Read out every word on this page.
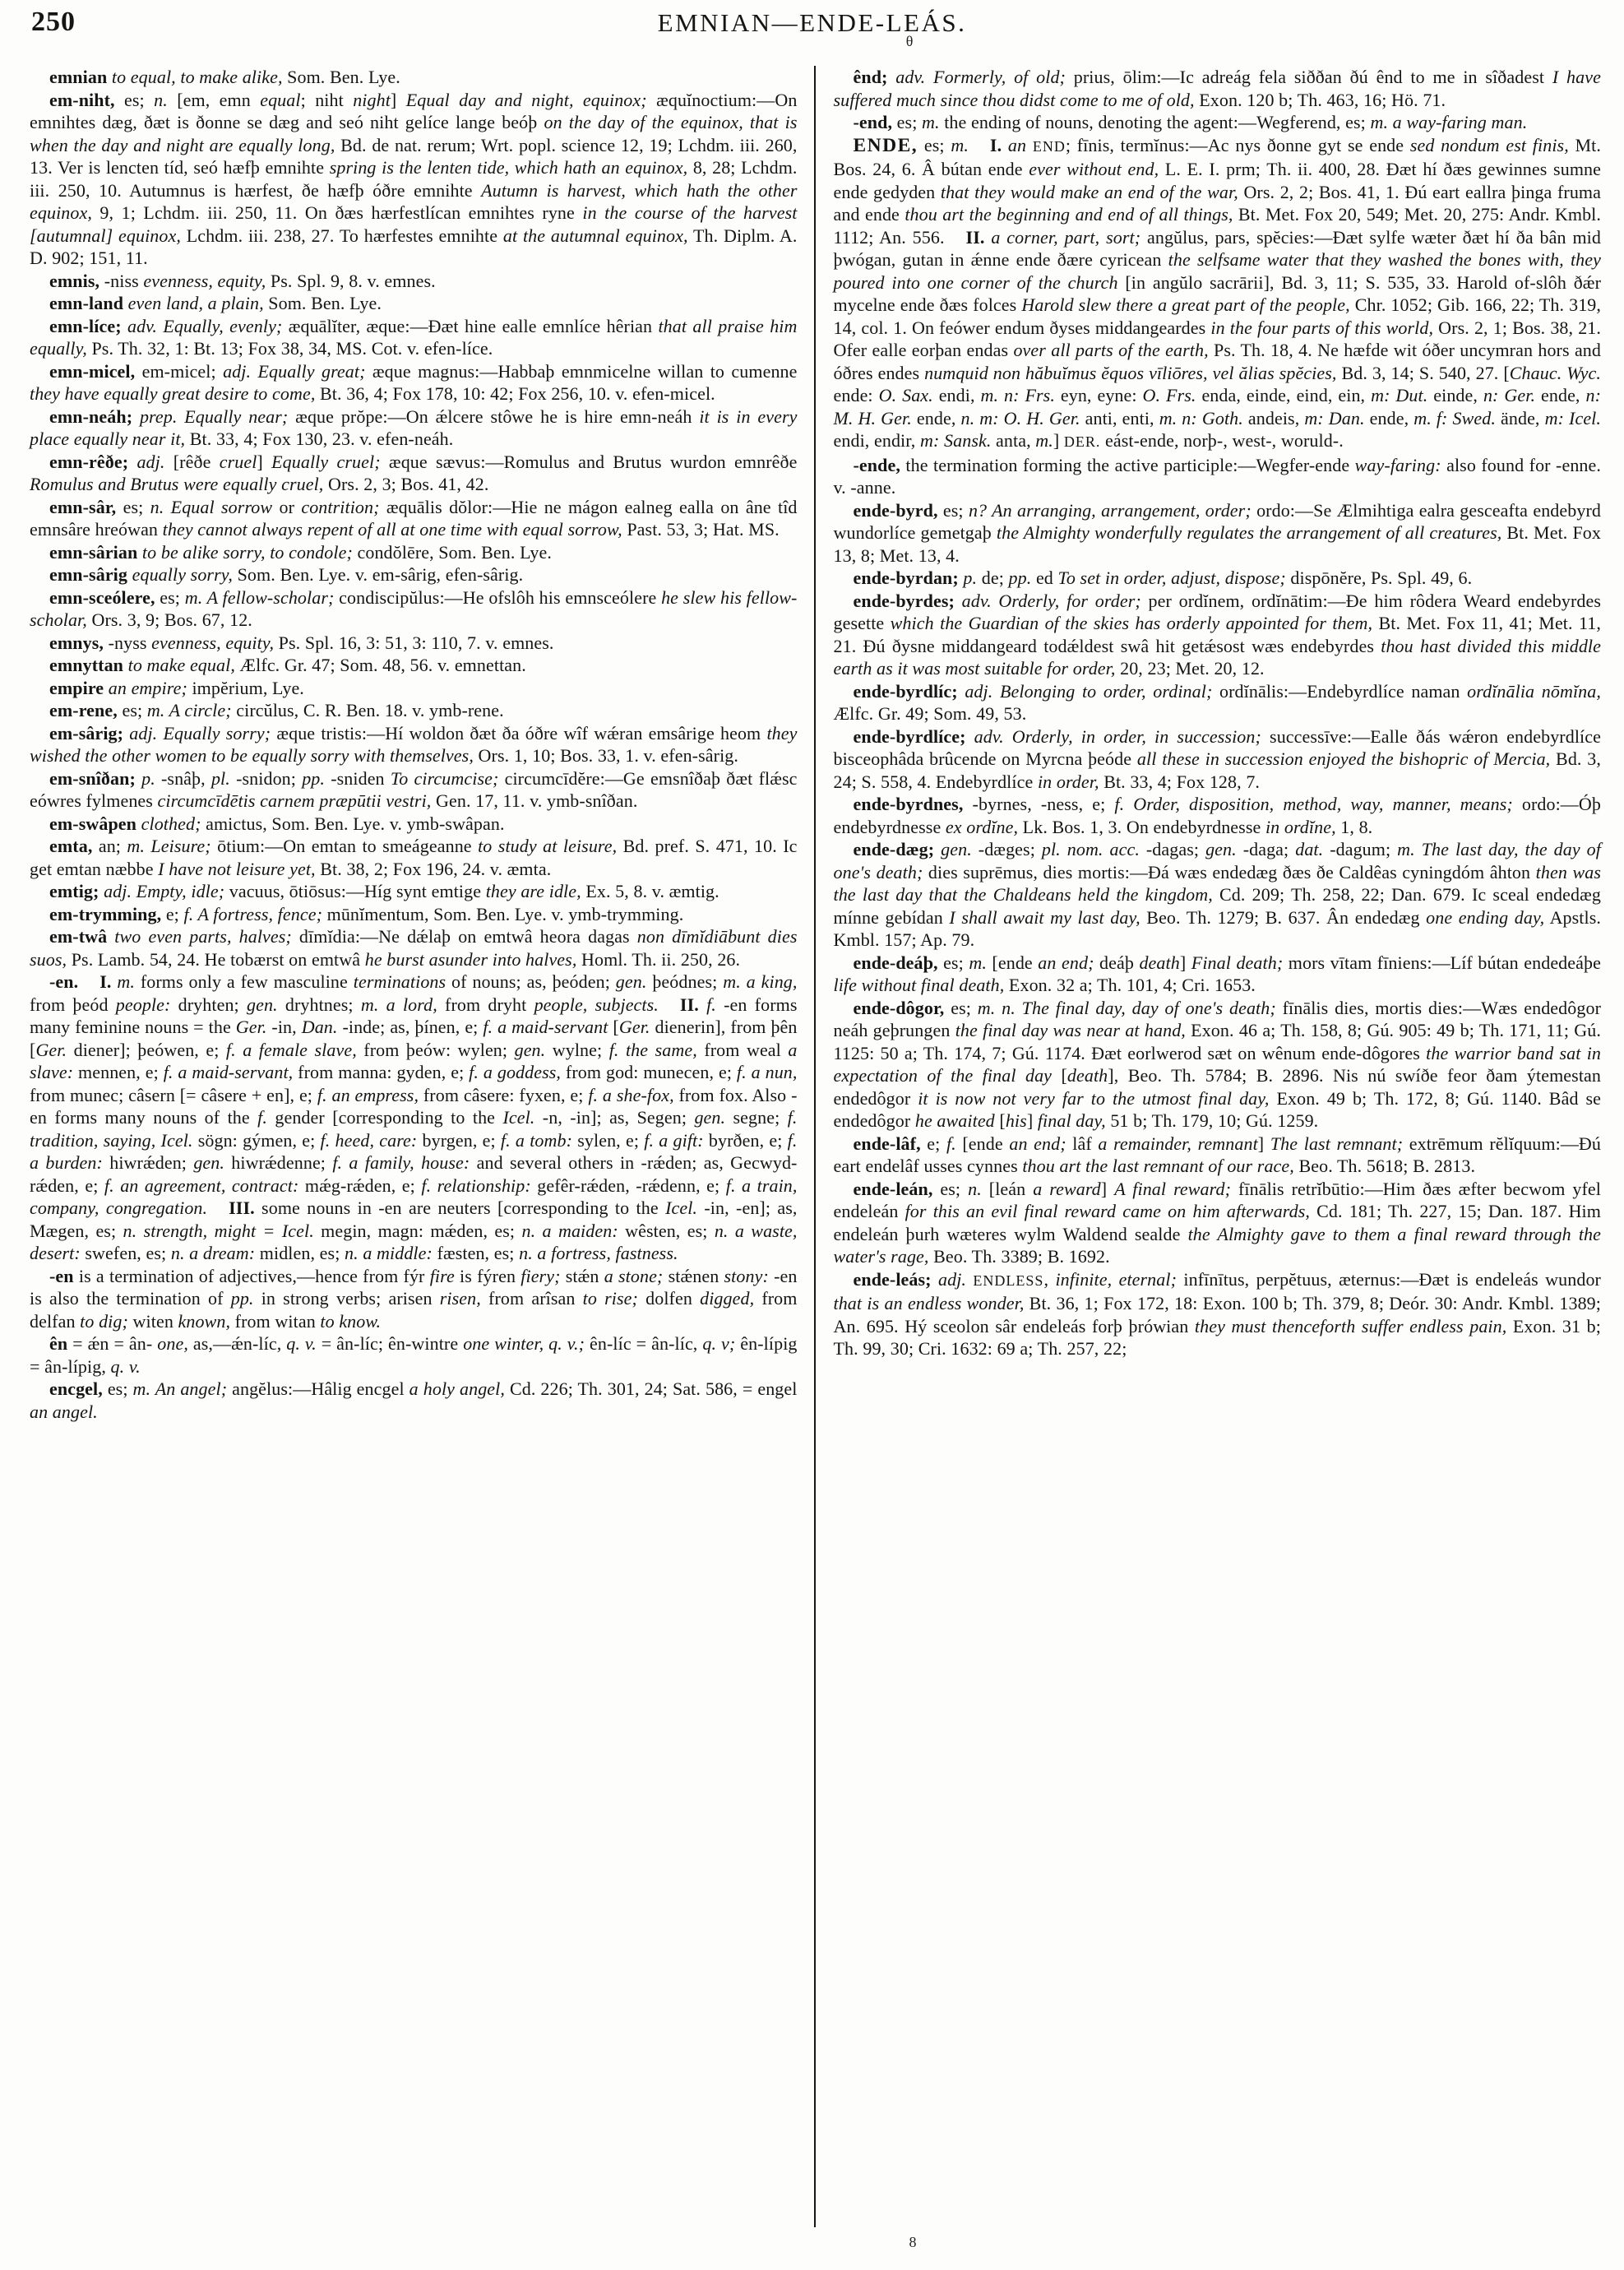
250	EMNIAN—ENDE-LEÁS.
θ

emnian to equal, to make alike, Som. Ben. Lye.

em-niht, es; n. [em, emn equal; niht night] Equal day and night, equinox; æquĭnoctium:—On emnihtes dæg, ðæt is ðonne se dæg and seó niht gelíce lange beóþ on the day of the equinox, that is when the day and night are equally long, Bd. de nat. rerum; Wrt. popl. science 12, 19; Lchdm. iii. 260, 13. Ver is lencten tíd, seó hæfþ emnihte spring is the lenten tide, which hath an equinox, 8, 28; Lchdm. iii. 250, 10. Autumnus is hærfest, ðe hæfþ óðre emnihte Autumn is harvest, which hath the other equinox, 9, 1; Lchdm. iii. 250, 11. On ðæs hærfestlícan emnihtes ryne in the course of the harvest [autumnal] equinox, Lchdm. iii. 238, 27. To hærfestes emnihte at the autumnal equinox, Th. Diplm. A. D. 902; 151, 11.

emnis, -niss evenness, equity, Ps. Spl. 9, 8. v. emnes.

emn-land even land, a plain, Som. Ben. Lye.

emn-líce; adv. Equally, evenly; æquālĭter, æque:—Ðæt hine ealle emnlíce hêrian that all praise him equally, Ps. Th. 32, 1: Bt. 13; Fox 38, 34, MS. Cot. v. efen-líce.

emn-micel, em-micel; adj. Equally great; æque magnus:—Habbaþ emnmicelne willan to cumenne they have equally great desire to come, Bt. 36, 4; Fox 178, 10: 42; Fox 256, 10. v. efen-micel.

emn-neáh; prep. Equally near; æque prŏpe:—On ǽlcere stôwe he is hire emn-neáh it is in every place equally near it, Bt. 33, 4; Fox 130, 23. v. efen-neáh.

emn-rêðe; adj. [rêðe cruel] Equally cruel; æque sævus:—Romulus and Brutus wurdon emnrêðe Romulus and Brutus were equally cruel, Ors. 2, 3; Bos. 41, 42.

emn-sâr, es; n. Equal sorrow or contrition; æquālis dŏlor:—Hie ne mágon ealneg ealla on âne tîd emnsâre hreówan they cannot always repent of all at one time with equal sorrow, Past. 53, 3; Hat. MS.

emn-sârian to be alike sorry, to condole; condŏlēre, Som. Ben. Lye.

emn-sârig equally sorry, Som. Ben. Lye. v. em-sârig, efen-sârig.

emn-sceólere, es; m. A fellow-scholar; condiscipŭlus:—He ofslôh his emnsceólere he slew his fellow-scholar, Ors. 3, 9; Bos. 67, 12.

emnys, -nyss evenness, equity, Ps. Spl. 16, 3: 51, 3: 110, 7. v. emnes.

emnyttan to make equal, Ælfc. Gr. 47; Som. 48, 56. v. emnettan.

empire an empire; impĕrium, Lye.

em-rene, es; m. A circle; circŭlus, C. R. Ben. 18. v. ymb-rene.

em-sârig; adj. Equally sorry; æque tristis:—Hí woldon ðæt ða óðre wîf wǽran emsârige heom they wished the other women to be equally sorry with themselves, Ors. 1, 10; Bos. 33, 1. v. efen-sârig.

em-snîðan; p. -snâþ, pl. -snidon; pp. -sniden To circumcise; circumcīdĕre:—Ge emsnîðaþ ðæt flǽsc eówres fylmenes circumcīdētis carnem præpūtii vestri, Gen. 17, 11. v. ymb-snîðan.

em-swâpen clothed; amictus, Som. Ben. Lye. v. ymb-swâpan.

emta, an; m. Leisure; ōtium:—On emtan to smeágeanne to study at leisure, Bd. pref. S. 471, 10. Ic get emtan næbbe I have not leisure yet, Bt. 38, 2; Fox 196, 24. v. æmta.

emtig; adj. Empty, idle; vacuus, ōtiōsus:—Híg synt emtige they are idle, Ex. 5, 8. v. æmtig.

em-trymming, e; f. A fortress, fence; mūnĭmentum, Som. Ben. Lye. v. ymb-trymming.

em-twâ two even parts, halves; dīmĭdia:—Ne dǽlaþ on emtwâ heora dagas non dīmĭdiābunt dies suos, Ps. Lamb. 54, 24. He tobærst on emtwâ he burst asunder into halves, Homl. Th. ii. 250, 26.

-en. I. m. forms only a few masculine terminations of nouns; as, þeóden; gen. þeódnes; m. a king, from þeód people: dryhten; gen. dryhtnes; m. a lord, from dryht people, subjects. II. f. -en forms many feminine nouns = the Ger. -in, Dan. -inde; as, þínen, e; f. a maid-servant [Ger. dienerin], from þên [Ger. diener]; þeówen, e; f. a female slave, from þeów: wylen; gen. wylne; f. the same, from weal a slave: mennen, e; f. a maid-servant, from manna: gyden, e; f. a goddess, from god: munecen, e; f. a nun, from munec; câsern [= câsere + en], e; f. an empress, from câsere: fyxen, e; f. a she-fox, from fox. Also -en forms many nouns of the f. gender [corresponding to the Icel. -n, -in]; as, Segen; gen. segne; f. tradition, saying, Icel. sögn: gýmen, e; f. heed, care: byrgen, e; f. a tomb: sylen, e; f. a gift: byrðen, e; f. a burden: hiwrǽden; gen. hiwrǽdenne; f. a family, house: and several others in -rǽden; as, Gecwyd-rǽden, e; f. an agreement, contract: mǽg-rǽden, e; f. relationship: gefêr-rǽden, -rǽdenn, e; f. a train, company, congregation. III. some nouns in -en are neuters [corresponding to the Icel. -in, -en]; as, Mægen, es; n. strength, might = Icel. megin, magn: mǽden, es; n. a maiden: wêsten, es; n. a waste, desert: swefen, es; n. a dream: midlen, es; n. a middle: fæsten, es; n. a fortress, fastness.

-en is a termination of adjectives,—hence from fýr fire is fýren fiery; stǽn a stone; stǽnen stony: -en is also the termination of pp. in strong verbs; arisen risen, from arîsan to rise; dolfen digged, from delfan to dig; witen known, from witan to know.

ên = ǽn = ân- one, as,—ǽn-líc, q. v. = ân-líc; ên-wintre one winter, q. v.; ên-líc = ân-líc, q. v; ên-lípig = ân-lípig, q. v.

encgel, es; m. An angel; angĕlus:—Hâlig encgel a holy angel, Cd. 226; Th. 301, 24; Sat. 586, = engel an angel.

ênd; adv. Formerly, of old; prius, ōlim:—Ic adreág fela siððan ðú ênd to me in sîðadest I have suffered much since thou didst come to me of old, Exon. 120 b; Th. 463, 16; Hö. 71.

-end, es; m. the ending of nouns, denoting the agent:—Wegferend, es; m. a way-faring man.

ENDE, es; m. I. an END; fīnis, termĭnus:—Ac nys ðonne gyt se ende sed nondum est finis, Mt. Bos. 24, 6. Â bútan ende ever without end, L. E. I. prm; Th. ii. 400, 28. Ðæt hí ðæs gewinnes sumne ende gedyden that they would make an end of the war, Ors. 2, 2; Bos. 41, 1. Ðú eart eallra þinga fruma and ende thou art the beginning and end of all things, Bt. Met. Fox 20, 549; Met. 20, 275: Andr. Kmbl. 1112; An. 556. II. a corner, part, sort; angŭlus, pars, spĕcies:—Ðæt sylfe wæter ðæt hí ða bân mid þwógan, gutan in ǽnne ende ðære cyricean the selfsame water that they washed the bones with, they poured into one corner of the church [in angŭlo sacrārii], Bd. 3, 11; S. 535, 33. Harold of-slôh ðǽr mycelne ende ðæs folces Harold slew there a great part of the people, Chr. 1052; Gib. 166, 22; Th. 319, 14, col. 1. On feówer endum ðyses middangeardes in the four parts of this world, Ors. 2, 1; Bos. 38, 21. Ofer ealle eorþan endas over all parts of the earth, Ps. Th. 18, 4. Ne hæfde wit óðer uncymran hors and óðres endes numquid non hăbuĭmus ĕquos vīliōres, vel ălias spĕcies, Bd. 3, 14; S. 540, 27. [Chauc. Wyc. ende: O. Sax. endi, m. n: Frs. eyn, eyne: O. Frs. enda, einde, eind, ein, m: Dut. einde, n: Ger. ende, n: M. H. Ger. ende, n. m: O. H. Ger. anti, enti, m. n: Goth. andeis, m: Dan. ende, m. f: Swed. ände, m: Icel. endi, endir, m: Sansk. anta, m.] DER. eást-ende, norþ-, west-, woruld-.

-ende, the termination forming the active participle:—Wegfer-ende way-faring: also found for -enne. v. -anne.

ende-byrd, es; n? An arranging, arrangement, order; ordo:—Se Ælmihtiga ealra gesceafta endebyrd wundorlíce gemetgaþ the Almighty wonderfully regulates the arrangement of all creatures, Bt. Met. Fox 13, 8; Met. 13, 4.

ende-byrdan; p. de; pp. ed To set in order, adjust, dispose; dispōnĕre, Ps. Spl. 49, 6.

ende-byrdes; adv. Orderly, for order; per ordĭnem, ordĭnātim:—Ðe him rôdera Weard endebyrdes gesette which the Guardian of the skies has orderly appointed for them, Bt. Met. Fox 11, 41; Met. 11, 21. Ðú ðysne middangeard todǽldest swâ hit getǽsost wæs endebyrdes thou hast divided this middle earth as it was most suitable for order, 20, 23; Met. 20, 12.

ende-byrdlíc; adj. Belonging to order, ordinal; ordĭnālis:—Endebyrdlíce naman ordĭnālia nōmĭna, Ælfc. Gr. 49; Som. 49, 53.

ende-byrdlíce; adv. Orderly, in order, in succession; successīve:—Ealle ðás wǽron endebyrdlíce bisceophâda brûcende on Myrcna þeóde all these in succession enjoyed the bishopric of Mercia, Bd. 3, 24; S. 558, 4. Endebyrdlíce in order, Bt. 33, 4; Fox 128, 7.

ende-byrdnes, -byrnes, -ness, e; f. Order, disposition, method, way, manner, means; ordo:—Óþ endebyrdnesse ex ordĭne, Lk. Bos. 1, 3. On endebyrdnesse in ordĭne, 1, 8.

ende-dæg; gen. -dæges; pl. nom. acc. -dagas; gen. -daga; dat. -dagum; m. The last day, the day of one's death; dies suprēmus, dies mortis:—Ðá wæs endedæg ðæs ðe Caldêas cyningdóm âhton then was the last day that the Chaldeans held the kingdom, Cd. 209; Th. 258, 22; Dan. 679. Ic sceal endedæg mínne gebídan I shall await my last day, Beo. Th. 1279; B. 637. Ân endedæg one ending day, Apstls. Kmbl. 157; Ap. 79.

ende-deáþ, es; m. [ende an end; deáþ death] Final death; mors vītam fīniens:—Líf bútan endedeáþe life without final death, Exon. 32 a; Th. 101, 4; Cri. 1653.

ende-dôgor, es; m. n. The final day, day of one's death; fīnālis dies, mortis dies:—Wæs endedôgor neáh geþrungen the final day was near at hand, Exon. 46 a; Th. 158, 8; Gú. 905: 49 b; Th. 171, 11; Gú. 1125: 50 a; Th. 174, 7; Gú. 1174. Ðæt eorlwerod sæt on wênum ende-dôgores the warrior band sat in expectation of the final day [death], Beo. Th. 5784; B. 2896. Nis nú swíðe feor ðam ýtemestan endedôgor it is now not very far to the utmost final day, Exon. 49 b; Th. 172, 8; Gú. 1140. Bâd se endedôgor he awaited [his] final day, 51 b; Th. 179, 10; Gú. 1259.

ende-lâf, e; f. [ende an end; lâf a remainder, remnant] The last remnant; extrēmum rĕlĭquum:—Ðú eart endelâf usses cynnes thou art the last remnant of our race, Beo. Th. 5618; B. 2813.

ende-leán, es; n. [leán a reward] A final reward; fīnālis retrĭbūtio:—Him ðæs æfter becwom yfel endeleán for this an evil final reward came on him afterwards, Cd. 181; Th. 227, 15; Dan. 187. Him endeleán þurh wæteres wylm Waldend sealde the Almighty gave to them a final reward through the water's rage, Beo. Th. 3389; B. 1692.

ende-leás; adj. ENDLESS, infinite, eternal; infīnītus, perpĕtuus, æternus:—Ðæt is endeleás wundor that is an endless wonder, Bt. 36, 1; Fox 172, 18: Exon. 100 b; Th. 379, 8; Deór. 30: Andr. Kmbl. 1389; An. 695. Hý sceolon sâr endeleás forþ þrówian they must thenceforth suffer endless pain, Exon. 31 b; Th. 99, 30; Cri. 1632: 69 a; Th. 257, 22;

8
